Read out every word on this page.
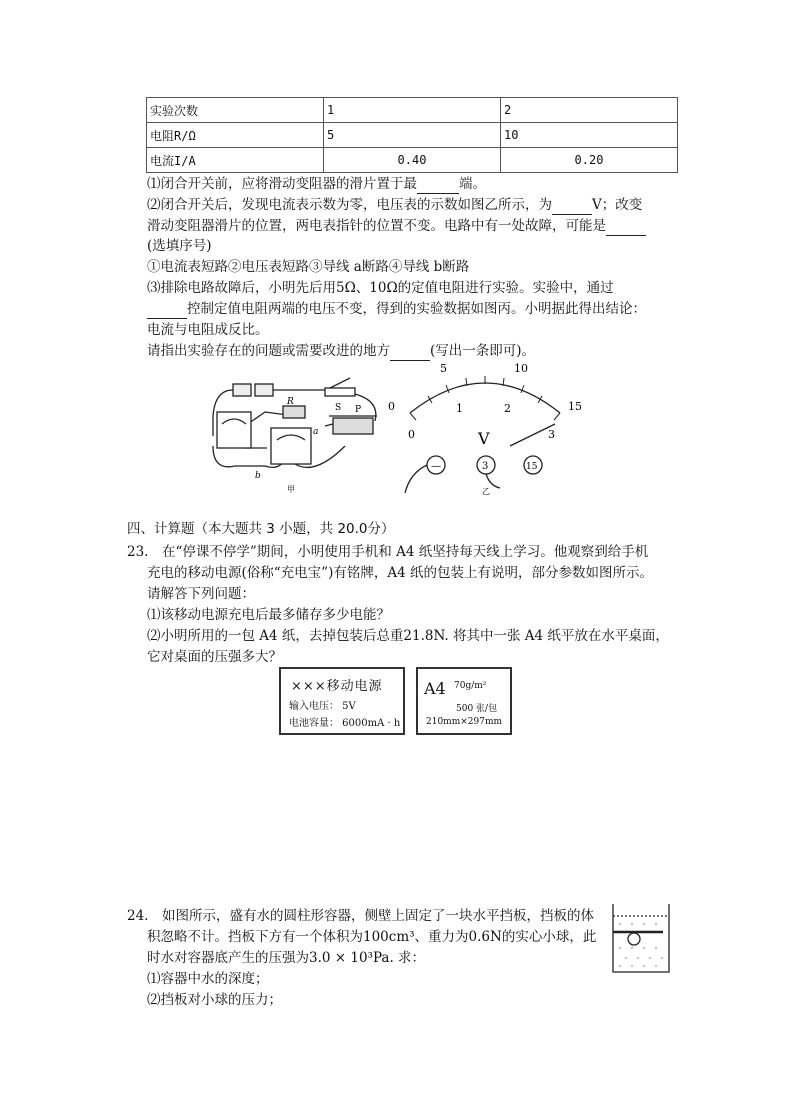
实验次数	1	2
电阻R/Ω	5	10
电流I/A	0.40	0.20
⑴闭合开关前，应将滑动变阻器的滑片置于最	端。
⑵闭合开关后，发现电流表示数为零，电压表的示数如图乙所示，为	V；改变
滑动变阻器滑片的位置，两电表指针的位置不变。电路中有一处故障，可能是
(选填序号)
①电流表短路②电压表短路③导线 a断路④导线 b断路
⑶排除电路故障后，小明先后用5Ω、10Ω的定值电阻进行实验。实验中，通过
控制定值电阻两端的电压不变，得到的实验数据如图丙。小明据此得出结论：
电流与电阻成反比。
请指出实验存在的问题或需要改进的地方	(写出一条即可)。
R
S P
a
b
甲
0
5	10
15
0
1	2
3
V
—	3	15
乙
四、计算题（本大题共 3 小题，共 20.0分）
23.　在“停课不停学”期间，小明使用手机和 A4 纸坚持每天线上学习。他观察到给手机
充电的移动电源(俗称“充电宝”)有铭牌，A4 纸的包装上有说明，部分参数如图所示。
请解答下列问题：
⑴该移动电源充电后最多储存多少电能？
⑵小明所用的一包 A4 纸，去掉包装后总重21.8N. 将其中一张 A4 纸平放在水平桌面，
它对桌面的压强多大？
×××移动电源
输入电压： 5V
电池容量： 6000mA · h
A4 70g/m²
500 张/包
210mm×297mm
24.　如图所示，盛有水的圆柱形容器，侧壁上固定了一块水平挡板，挡板的体
积忽略不计。挡板下方有一个体积为100cm³、重力为0.6N的实心小球，此
时水对容器底产生的压强为3.0 × 10³Pa. 求：
⑴容器中水的深度；
⑵挡板对小球的压力；
